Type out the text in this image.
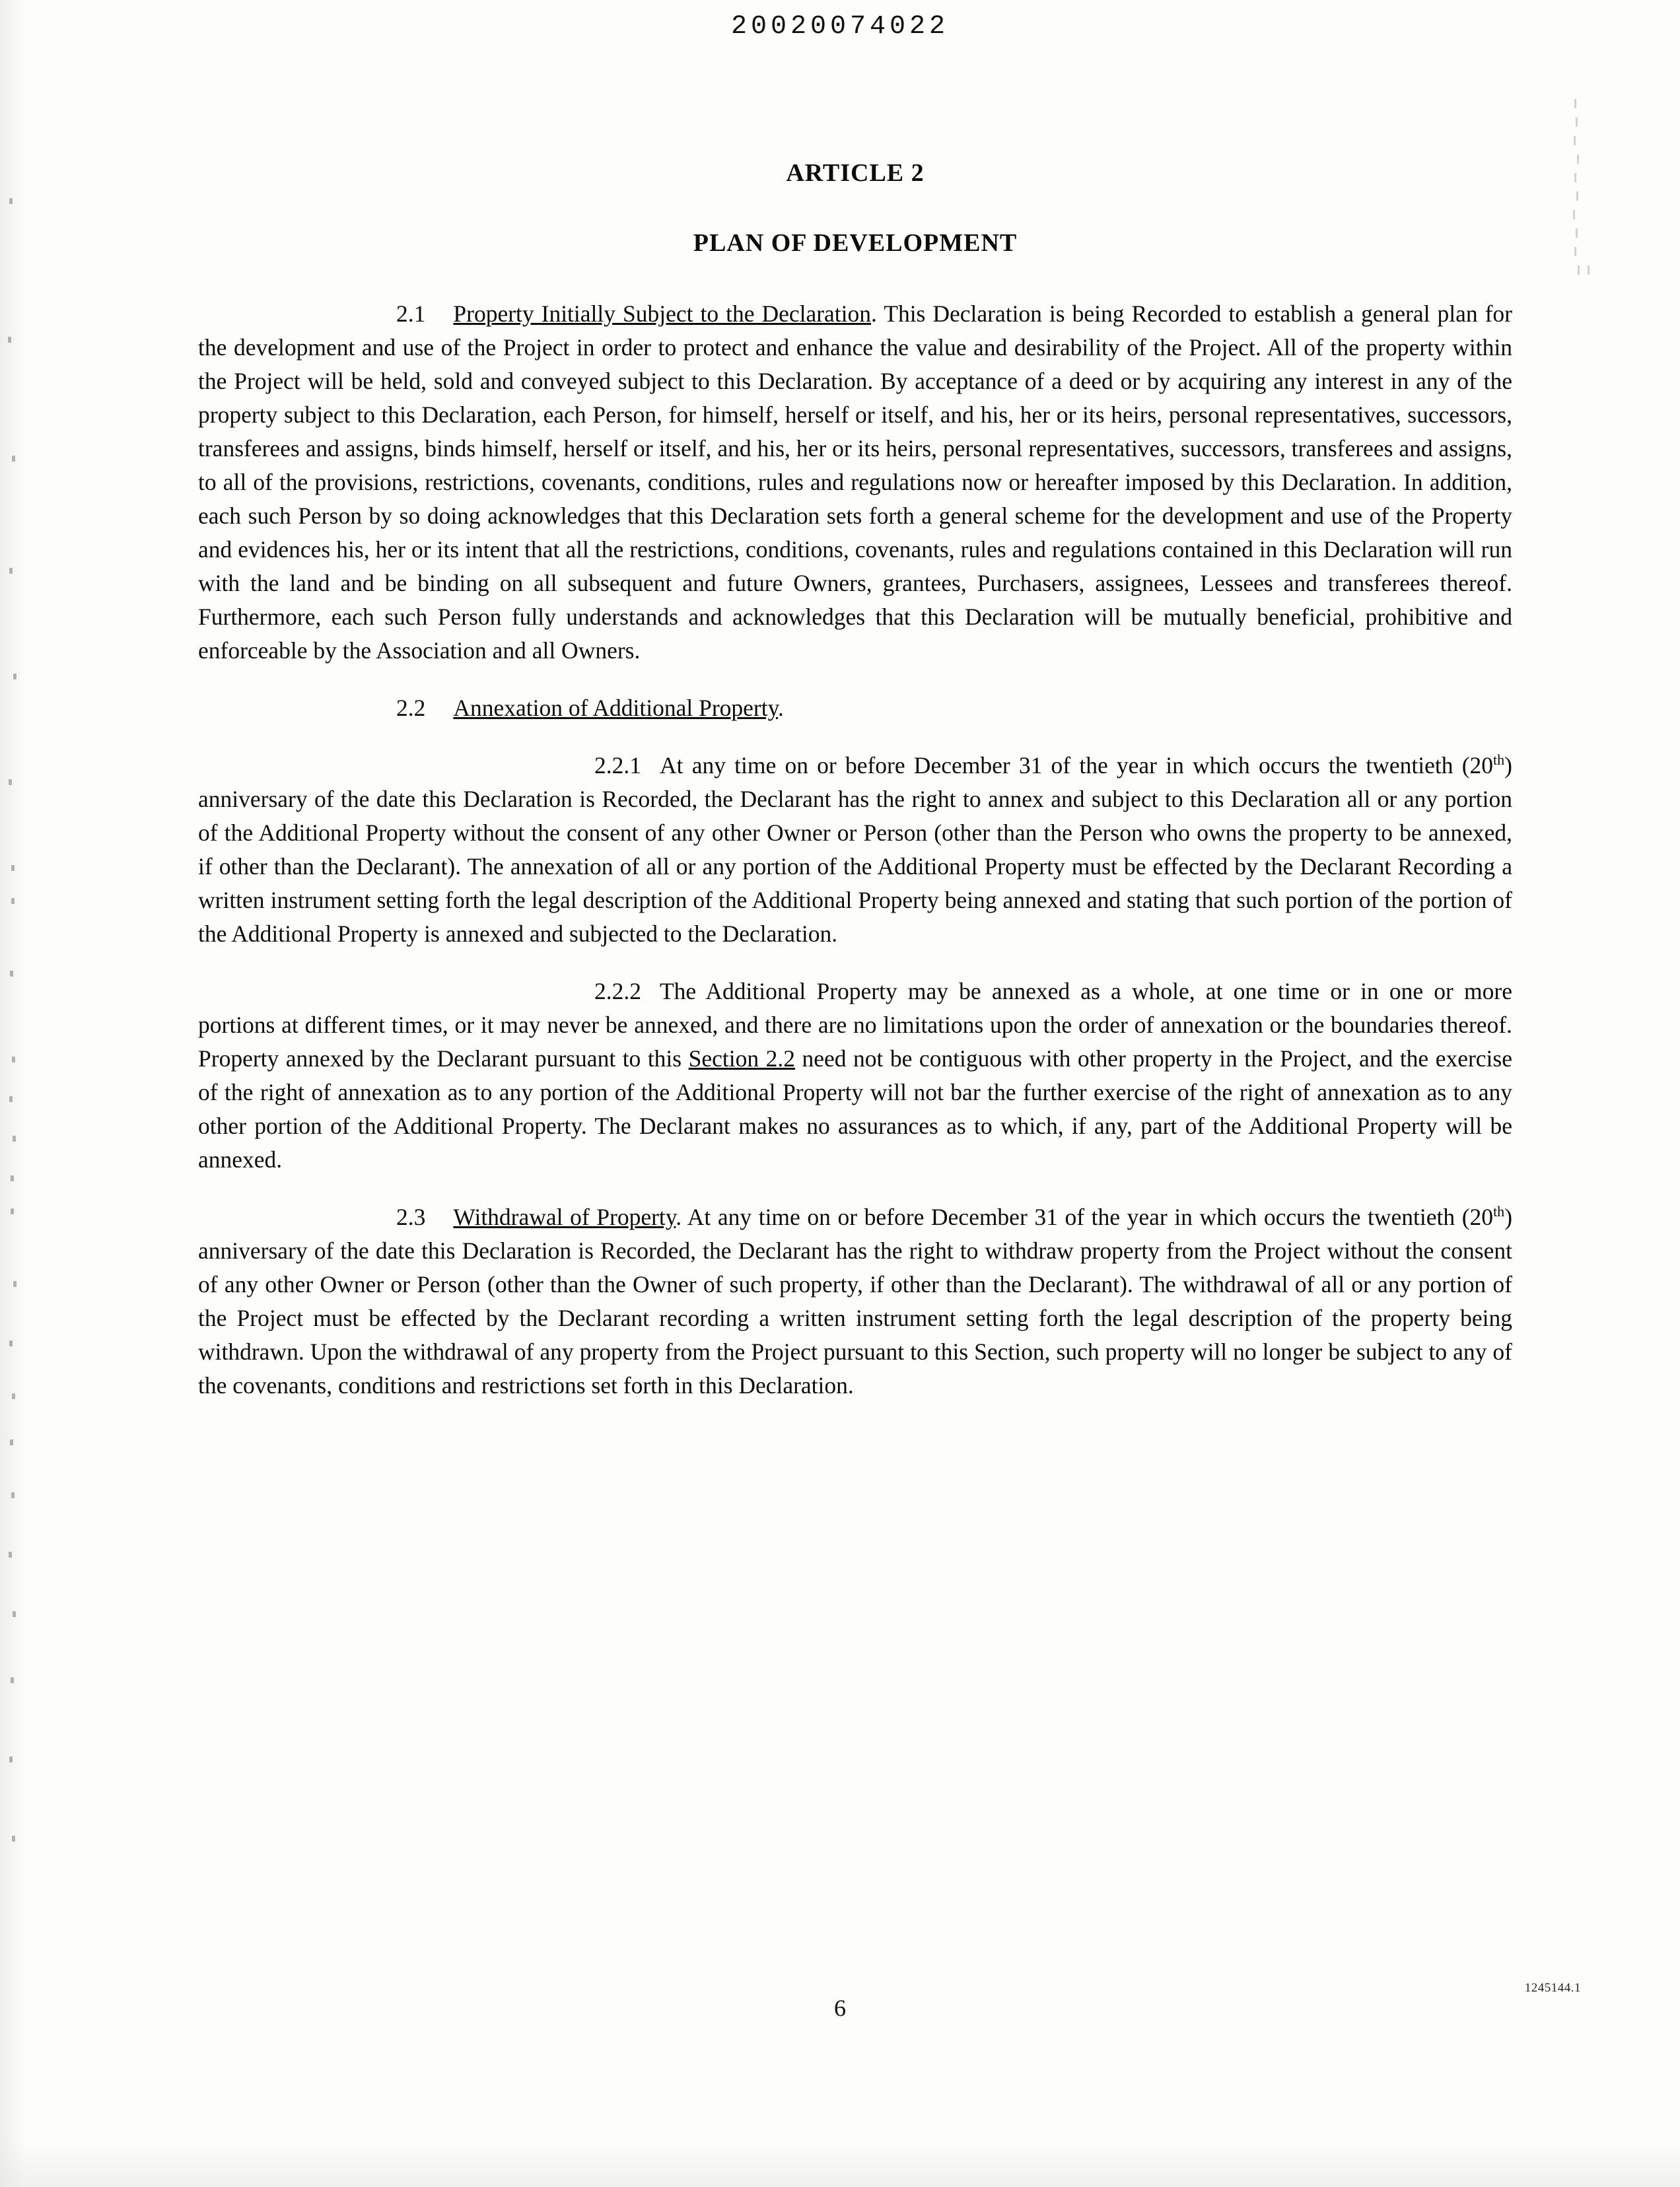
20020074022
ARTICLE 2
PLAN OF DEVELOPMENT

2.1 Property Initially Subject to the Declaration. This Declaration is being Recorded to establish a general plan for the development and use of the Project in order to protect and enhance the value and desirability of the Project. All of the property within the Project will be held, sold and conveyed subject to this Declaration. By acceptance of a deed or by acquiring any interest in any of the property subject to this Declaration, each Person, for himself, herself or itself, and his, her or its heirs, personal representatives, successors, transferees and assigns, binds himself, herself or itself, and his, her or its heirs, personal representatives, successors, transferees and assigns, to all of the provisions, restrictions, covenants, conditions, rules and regulations now or hereafter imposed by this Declaration. In addition, each such Person by so doing acknowledges that this Declaration sets forth a general scheme for the development and use of the Property and evidences his, her or its intent that all the restrictions, conditions, covenants, rules and regulations contained in this Declaration will run with the land and be binding on all subsequent and future Owners, grantees, Purchasers, assignees, Lessees and transferees thereof. Furthermore, each such Person fully understands and acknowledges that this Declaration will be mutually beneficial, prohibitive and enforceable by the Association and all Owners.

2.2 Annexation of Additional Property.

2.2.1 At any time on or before December 31 of the year in which occurs the twentieth (20th) anniversary of the date this Declaration is Recorded, the Declarant has the right to annex and subject to this Declaration all or any portion of the Additional Property without the consent of any other Owner or Person (other than the Person who owns the property to be annexed, if other than the Declarant). The annexation of all or any portion of the Additional Property must be effected by the Declarant Recording a written instrument setting forth the legal description of the Additional Property being annexed and stating that such portion of the portion of the Additional Property is annexed and subjected to the Declaration.

2.2.2 The Additional Property may be annexed as a whole, at one time or in one or more portions at different times, or it may never be annexed, and there are no limitations upon the order of annexation or the boundaries thereof. Property annexed by the Declarant pursuant to this Section 2.2 need not be contiguous with other property in the Project, and the exercise of the right of annexation as to any portion of the Additional Property will not bar the further exercise of the right of annexation as to any other portion of the Additional Property. The Declarant makes no assurances as to which, if any, part of the Additional Property will be annexed.

2.3 Withdrawal of Property. At any time on or before December 31 of the year in which occurs the twentieth (20th) anniversary of the date this Declaration is Recorded, the Declarant has the right to withdraw property from the Project without the consent of any other Owner or Person (other than the Owner of such property, if other than the Declarant). The withdrawal of all or any portion of the Project must be effected by the Declarant recording a written instrument setting forth the legal description of the property being withdrawn. Upon the withdrawal of any property from the Project pursuant to this Section, such property will no longer be subject to any of the covenants, conditions and restrictions set forth in this Declaration.

6
1245144.1
